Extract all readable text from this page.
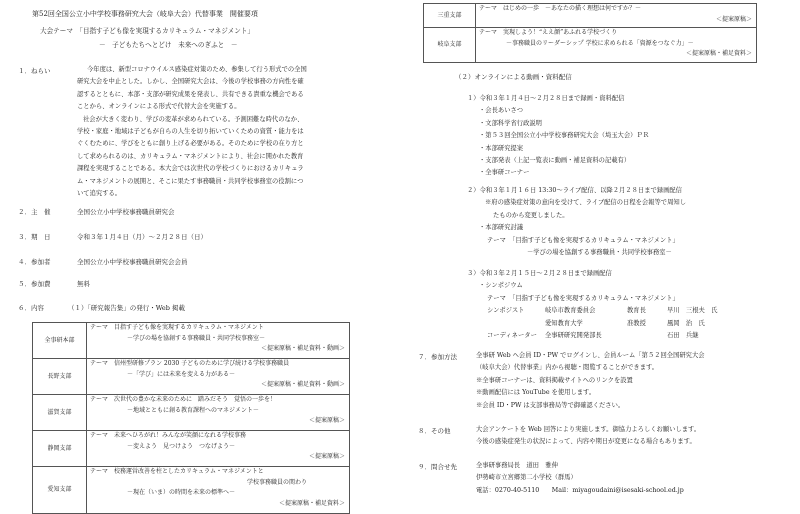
第52回全国公立小中学校事務研究大会（岐阜大会）代替事業　開催要項
大会テーマ　「目指す子ども像を実現するカリキュラム・マネジメント」
－　子どもたちへとどけ　未来へのぎふと　－
１．ねらい	今年度は、新型コロナウイルス感染症対策のため、参集して行う形式での全国
研究大会を中止とした。しかし、全国研究大会は、今後の学校事務の方向性を確
認するとともに、本部・支部が研究成果を発表し、共有できる貴重な機会である
ことから、オンラインによる形式で代替大会を実施する。
社会が大きく変わり、学びの変革が求められている。予測困難な時代のなか、
学校・家庭・地域は子どもが自らの人生を切り拓いていくための資質・能力をは
ぐくむために、学びをともに創り上げる必要がある。そのために学校の在り方と
して求められるのは、カリキュラム・マネジメントにより、社会に開かれた教育
課程を実現することである。本大会では次世代の学校づくりにおけるカリキュラ
ム・マネジメントの展開と、そこに果たす事務職員・共同学校事務室の役割につ
いて追究する。
２．主　催	全国公立小中学校事務職員研究会
３．期　日	令和３年１月４日（月）～２月２８日（日）
４．参加者	全国公立小中学校事務職員研究会会員
５．参加費	無料
６．内容	（１）「研究報告集」の発行・Web 掲載
全事研本部	テーマ　目指す子ども像を実現するカリキュラム・マネジメント
－学びの場を協創する事務職員・共同学校事務室－
＜提案原稿・補足資料・動画＞

長野支部	テーマ　信州型研修プラン 2030 子どものために学び続ける学校事務職員
－「学び」には未来を変える力がある－
＜提案原稿・補足資料・動画＞

滋賀支部	テーマ　次世代の豊かな未来のために　踏みだそう　覚悟の一歩を！
－地域とともに創る教育課程へのマネジメント－
＜提案原稿＞

静岡支部	テーマ　未来へひろがれ！みんなが笑顔になれる学校事務
－変えよう　見つけよう　つなげよう－
＜提案原稿＞

愛知支部	テーマ　校務運営改善を柱としたカリキュラム・マネジメントと
学校事務職員の関わり
－現在（いま）の時間を未来の標準へ－
＜提案原稿・補足資料＞
三重支部	テーマ　はじめの一歩　－あなたの描く理想は何ですか？－
＜提案原稿＞

岐阜支部	テーマ　実現しよう！“ええ顔”あふれる学校づくり
－事務職員のリーダーシップ 学校に求められる「資源をつなぐ力」－
＜提案原稿・補足資料＞
（２）オンラインによる動画・資料配信
１）令和３年１月４日～２月２８日まで録画・資料配信
・会長あいさつ
・文部科学省行政説明
・第５３回全国公立小中学校事務研究大会（埼玉大会）ＰＲ
・本部研究提案
・支部発表（上記一覧表に動画・補足資料の記載有）
・全事研コーナー
２）令和３年１月１６日 13:30～ライブ配信、以降２月２８日まで録画配信
※府の感染症対策の意向を受けて、ライブ配信の日程を会報等で周知し
たものから変更しました。
・本部研究討議
テーマ　「目指す子ども像を実現するカリキュラム・マネジメント」
－学びの場を協創する事務職員・共同学校事務室－
３）令和３年２月１５日～２月２８日まで録画配信
・シンポジウム
テーマ　「目指す子ども像を実現するカリキュラム・マネジメント」
シンポジスト	岐阜市教育委員会	教育長	早川　三根夫　氏
愛知教育大学	准教授	風岡　治　氏
コーディネーター	全事研研究開発部長	石田　兵継
７．参加方法	全事研 Web へ会員 ID・PW でログインし、会員ルーム「第５２回全国研究大会
（岐阜大会）代替事業」内から視聴・閲覧することができます。
※全事研コーナーは、資料掲載サイトへのリンクを設置
※動画配信には YouTube を使用します。
※会員 ID・PW は支部事務局等で御確認ください。
８．その他	大会アンケートを Web 回答により実施します。御協力よろしくお願いします。
今後の感染症発生の状況によって、内容や期日が変更になる場合もあります。
９．問合せ先	全事研事務局長　道田　雅伸
伊勢崎市立宮郷第二小学校（群馬）
電話：0270-40-5110　　Mail：miyagoudaini@isesaki-school.ed.jp
